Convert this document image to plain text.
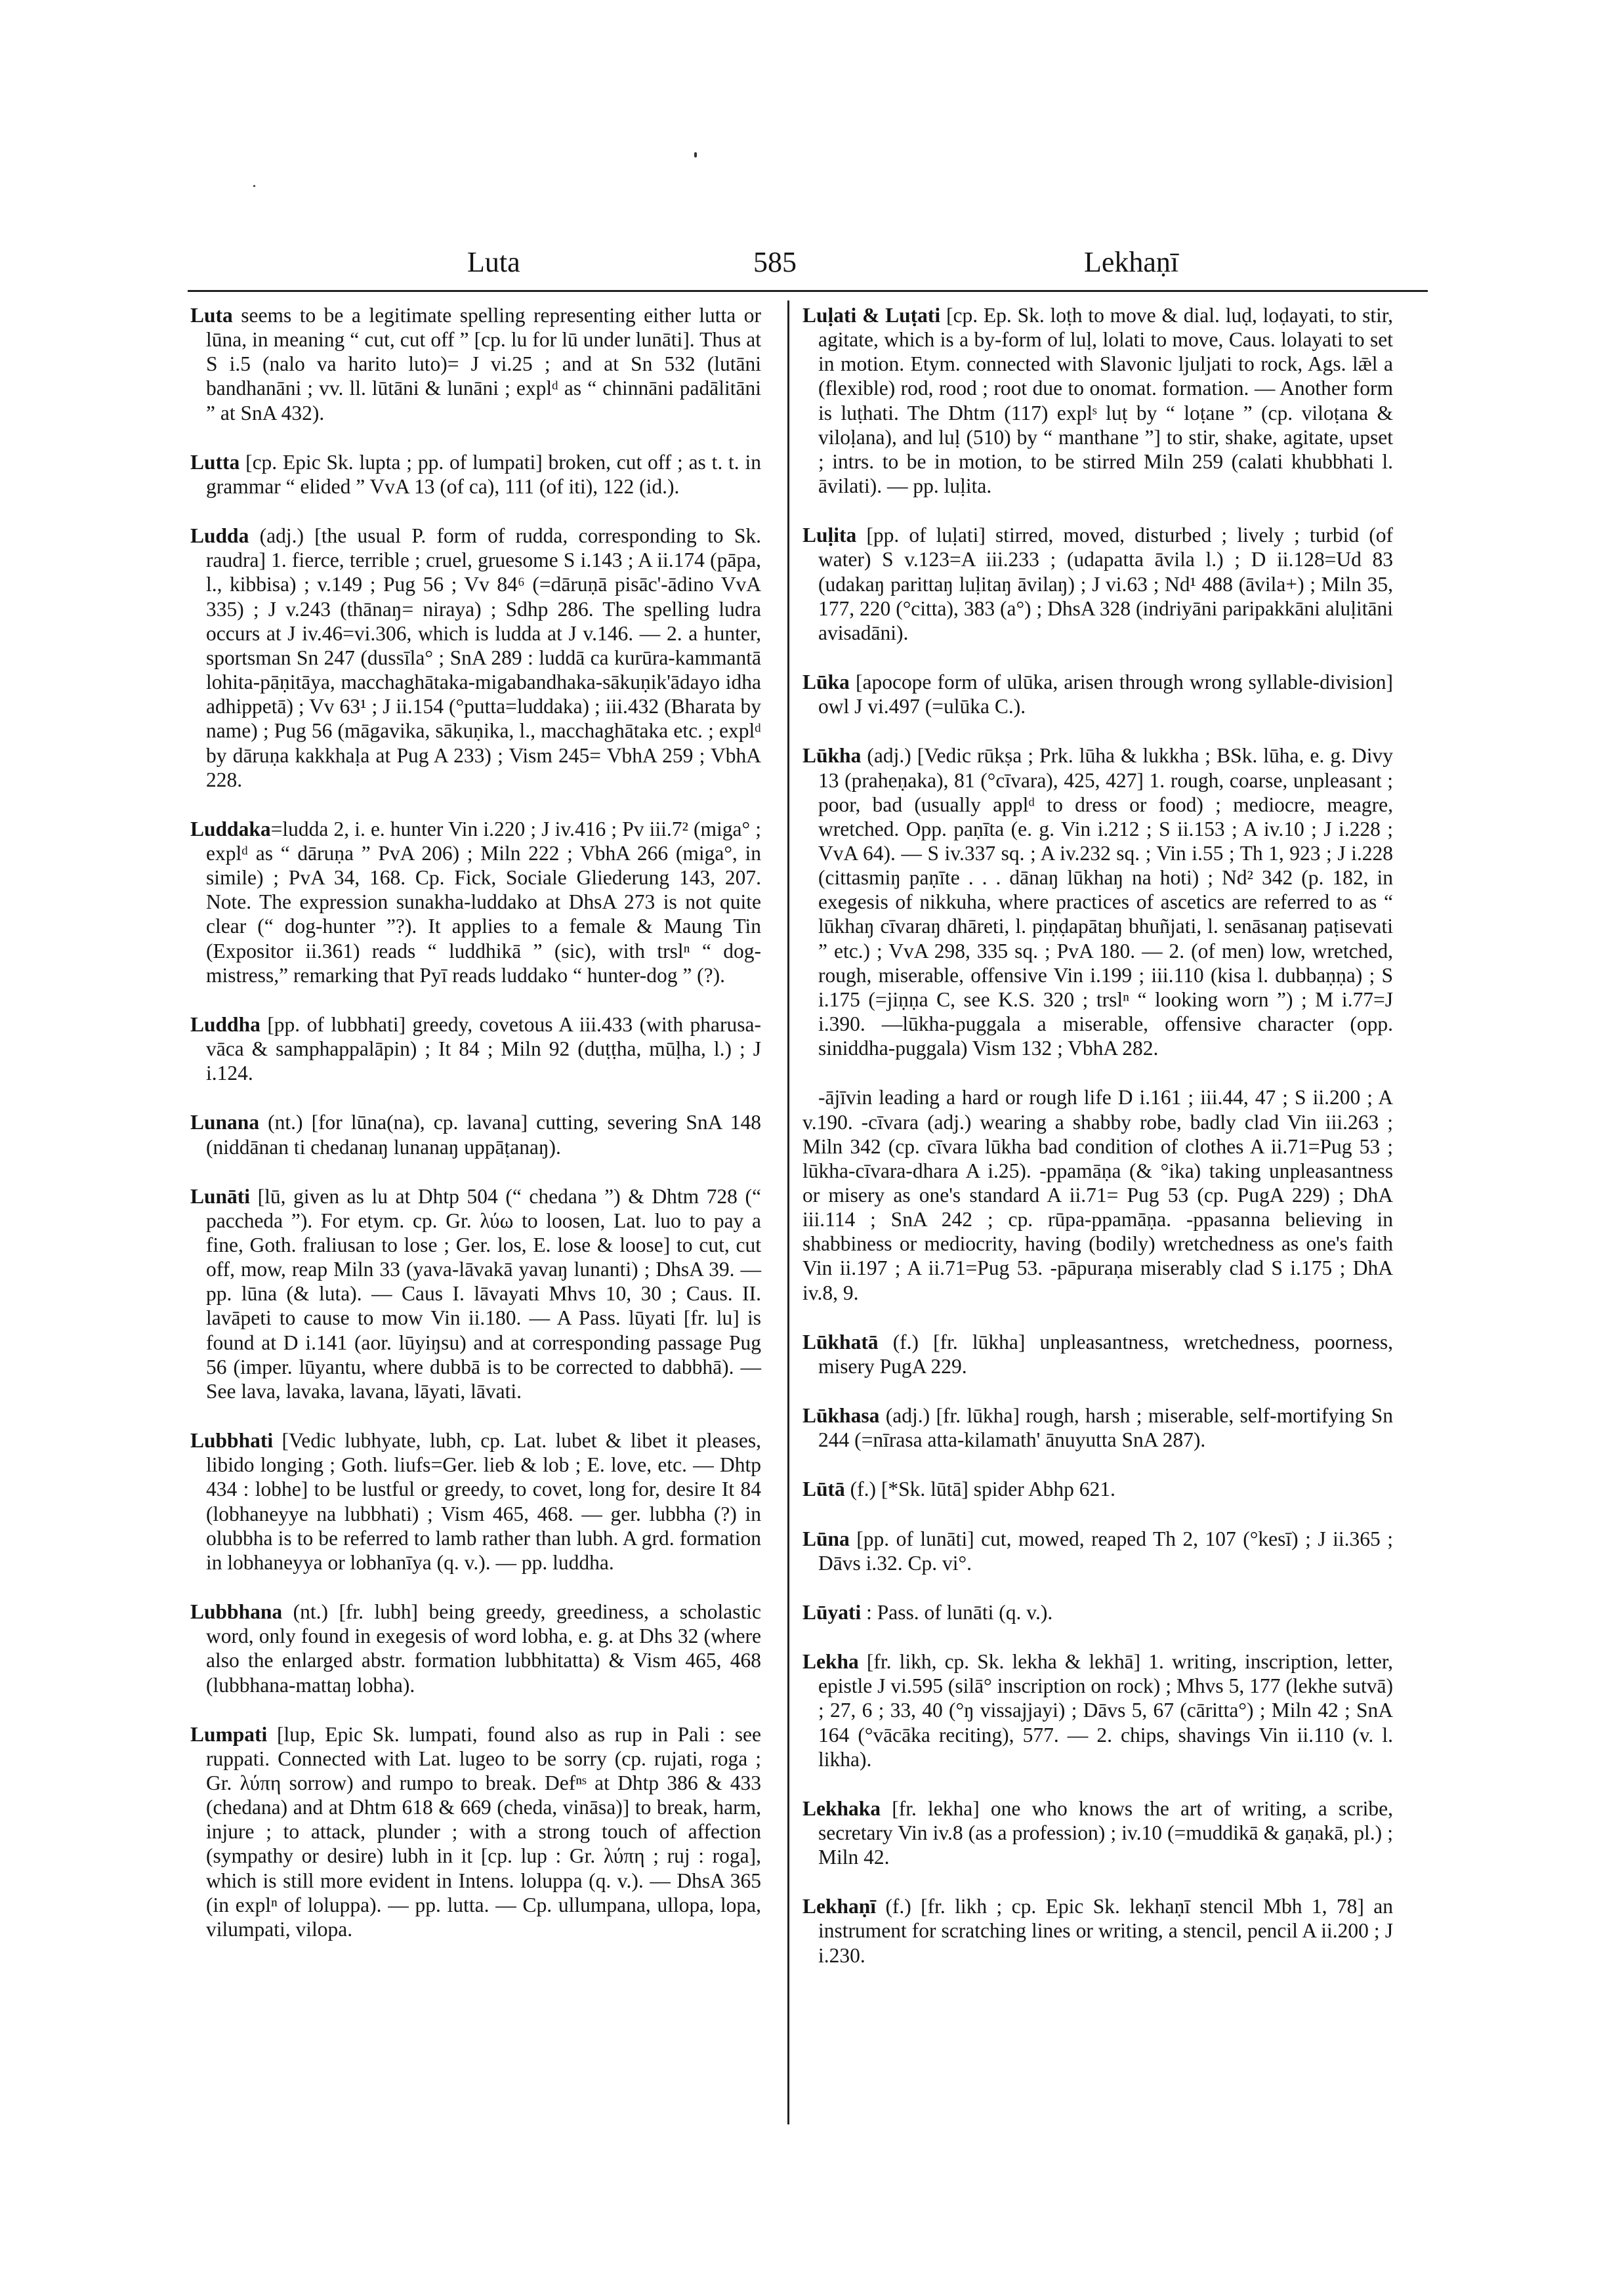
Luta	585	Lekhaṇī

Luta seems to be a legitimate spelling representing either lutta or lūna, in meaning “ cut, cut off ” [cp. lu for lū under lunāti]. Thus at S i.5 (nalo va harito luto)= J vi.25 ; and at Sn 532 (lutāni bandhanāni ; vv. ll. lūtāni & lunāni ; explᵈ as “ chinnāni padālitāni ” at SnA 432).

Lutta [cp. Epic Sk. lupta ; pp. of lumpati] broken, cut off ; as t. t. in grammar “ elided ” VvA 13 (of ca), 111 (of iti), 122 (id.).

Ludda (adj.) [the usual P. form of rudda, corresponding to Sk. raudra] 1. fierce, terrible ; cruel, gruesome S i.143 ; A ii.174 (pāpa, l., kibbisa) ; v.149 ; Pug 56 ; Vv 84⁶ (=dāruṇā pisāc'-ādino VvA 335) ; J v.243 (thānaŋ= niraya) ; Sdhp 286. The spelling ludra occurs at J iv.46=vi.306, which is ludda at J v.146. — 2. a hunter, sportsman Sn 247 (dussīla° ; SnA 289 : luddā ca kurūra-kammantā lohita-pāṇitāya, macchaghātaka-migabandhaka-sākuṇik'ādayo idha adhippetā) ; Vv 63¹ ; J ii.154 (°putta=luddaka) ; iii.432 (Bharata by name) ; Pug 56 (māgavika, sākuṇika, l., macchaghātaka etc. ; explᵈ by dāruṇa kakkhaḷa at Pug A 233) ; Vism 245= VbhA 259 ; VbhA 228.

Luddaka=ludda 2, i. e. hunter Vin i.220 ; J iv.416 ; Pv iii.7² (miga° ; explᵈ as “ dāruṇa ” PvA 206) ; Miln 222 ; VbhA 266 (miga°, in simile) ; PvA 34, 168. Cp. Fick, Sociale Gliederung 143, 207. Note. The expression sunakha-luddako at DhsA 273 is not quite clear (“ dog-hunter ”?). It applies to a female & Maung Tin (Expositor ii.361) reads “ luddhikā ” (sic), with trslⁿ “ dog-mistress,” remarking that Pyī reads luddako “ hunter-dog ” (?).

Luddha [pp. of lubbhati] greedy, covetous A iii.433 (with pharusa-vāca & samphappalāpin) ; It 84 ; Miln 92 (duṭṭha, mūḷha, l.) ; J i.124.

Lunana (nt.) [for lūna(na), cp. lavana] cutting, severing SnA 148 (niddānan ti chedanaŋ lunanaŋ uppāṭanaŋ).

Lunāti [lū, given as lu at Dhtp 504 (“ chedana ”) & Dhtm 728 (“ paccheda ”). For etym. cp. Gr. λύω to loosen, Lat. luo to pay a fine, Goth. fraliusan to lose ; Ger. los, E. lose & loose] to cut, cut off, mow, reap Miln 33 (yava-lāvakā yavaŋ lunanti) ; DhsA 39. — pp. lūna (& luta). — Caus I. lāvayati Mhvs 10, 30 ; Caus. II. lavāpeti to cause to mow Vin ii.180. — A Pass. lūyati [fr. lu] is found at D i.141 (aor. lūyiŋsu) and at corresponding passage Pug 56 (imper. lūyantu, where dubbā is to be corrected to dabbhā). — See lava, lavaka, lavana, lāyati, lāvati.

Lubbhati [Vedic lubhyate, lubh, cp. Lat. lubet & libet it pleases, libido longing ; Goth. liufs=Ger. lieb & lob ; E. love, etc. — Dhtp 434 : lobhe] to be lustful or greedy, to covet, long for, desire It 84 (lobhaneyye na lubbhati) ; Vism 465, 468. — ger. lubbha (?) in olubbha is to be referred to lamb rather than lubh. A grd. formation in lobhaneyya or lobhanīya (q. v.). — pp. luddha.

Lubbhana (nt.) [fr. lubh] being greedy, greediness, a scholastic word, only found in exegesis of word lobha, e. g. at Dhs 32 (where also the enlarged abstr. formation lubbhitatta) & Vism 465, 468 (lubbhana-mattaŋ lobha).

Lumpati [lup, Epic Sk. lumpati, found also as rup in Pali : see ruppati. Connected with Lat. lugeo to be sorry (cp. rujati, roga ; Gr. λύπη sorrow) and rumpo to break. Defⁿˢ at Dhtp 386 & 433 (chedana) and at Dhtm 618 & 669 (cheda, vināsa)] to break, harm, injure ; to attack, plunder ; with a strong touch of affection (sympathy or desire) lubh in it [cp. lup : Gr. λύπη ; ruj : roga], which is still more evident in Intens. loluppa (q. v.). — DhsA 365 (in explⁿ of loluppa). — pp. lutta. — Cp. ullumpana, ullopa, lopa, vilumpati, vilopa.

Luḷati & Luṭati [cp. Ep. Sk. loṭh to move & dial. luḍ, loḍayati, to stir, agitate, which is a by-form of luḷ, lolati to move, Caus. lolayati to set in motion. Etym. connected with Slavonic ljuljati to rock, Ags. lǣl a (flexible) rod, rood ; root due to onomat. formation. — Another form is luṭhati. The Dhtm (117) explˢ luṭ by “ loṭane ” (cp. viloṭana & viloḷana), and luḷ (510) by “ manthane ”] to stir, shake, agitate, upset ; intrs. to be in motion, to be stirred Miln 259 (calati khubbhati l. āvilati). — pp. luḷita.

Luḷita [pp. of luḷati] stirred, moved, disturbed ; lively ; turbid (of water) S v.123=A iii.233 ; (udapatta āvila l.) ; D ii.128=Ud 83 (udakaŋ parittaŋ luḷitaŋ āvilaŋ) ; J vi.63 ; Nd¹ 488 (āvila+) ; Miln 35, 177, 220 (°citta), 383 (a°) ; DhsA 328 (indriyāni paripakkāni aluḷitāni avisadāni).

Lūka [apocope form of ulūka, arisen through wrong syllable-division] owl J vi.497 (=ulūka C.).

Lūkha (adj.) [Vedic rūkṣa ; Prk. lūha & lukkha ; BSk. lūha, e. g. Divy 13 (praheṇaka), 81 (°cīvara), 425, 427] 1. rough, coarse, unpleasant ; poor, bad (usually applᵈ to dress or food) ; mediocre, meagre, wretched. Opp. paṇīta (e. g. Vin i.212 ; S ii.153 ; A iv.10 ; J i.228 ; VvA 64). — S iv.337 sq. ; A iv.232 sq. ; Vin i.55 ; Th 1, 923 ; J i.228 (cittasmiŋ paṇīte . . . dānaŋ lūkhaŋ na hoti) ; Nd² 342 (p. 182, in exegesis of nikkuha, where practices of ascetics are referred to as “ lūkhaŋ cīvaraŋ dhāreti, l. piṇḍapātaŋ bhuñjati, l. senāsanaŋ paṭisevati ” etc.) ; VvA 298, 335 sq. ; PvA 180. — 2. (of men) low, wretched, rough, miserable, offensive Vin i.199 ; iii.110 (kisa l. dubbaṇṇa) ; S i.175 (=jiṇṇa C, see K.S. 320 ; trslⁿ “ looking worn ”) ; M i.77=J i.390. —lūkha-puggala a miserable, offensive character (opp. siniddha-puggala) Vism 132 ; VbhA 282.

-ājīvin leading a hard or rough life D i.161 ; iii.44, 47 ; S ii.200 ; A v.190. -cīvara (adj.) wearing a shabby robe, badly clad Vin iii.263 ; Miln 342 (cp. cīvara lūkha bad condition of clothes A ii.71=Pug 53 ; lūkha-cīvara-dhara A i.25). -ppamāṇa (& °ika) taking unpleasantness or misery as one's standard A ii.71= Pug 53 (cp. PugA 229) ; DhA iii.114 ; SnA 242 ; cp. rūpa-ppamāṇa. -ppasanna believing in shabbiness or mediocrity, having (bodily) wretchedness as one's faith Vin ii.197 ; A ii.71=Pug 53. -pāpuraṇa miserably clad S i.175 ; DhA iv.8, 9.

Lūkhatā (f.) [fr. lūkha] unpleasantness, wretchedness, poorness, misery PugA 229.

Lūkhasa (adj.) [fr. lūkha] rough, harsh ; miserable, self-mortifying Sn 244 (=nīrasa atta-kilamath' ānuyutta SnA 287).

Lūtā (f.) [*Sk. lūtā] spider Abhp 621.

Lūna [pp. of lunāti] cut, mowed, reaped Th 2, 107 (°kesī) ; J ii.365 ; Dāvs i.32. Cp. vi°.

Lūyati : Pass. of lunāti (q. v.).

Lekha [fr. likh, cp. Sk. lekha & lekhā] 1. writing, inscription, letter, epistle J vi.595 (silā° inscription on rock) ; Mhvs 5, 177 (lekhe sutvā) ; 27, 6 ; 33, 40 (°ŋ vissajjayi) ; Dāvs 5, 67 (cāritta°) ; Miln 42 ; SnA 164 (°vācāka reciting), 577. — 2. chips, shavings Vin ii.110 (v. l. likha).

Lekhaka [fr. lekha] one who knows the art of writing, a scribe, secretary Vin iv.8 (as a profession) ; iv.10 (=muddikā & gaṇakā, pl.) ; Miln 42.

Lekhaṇī (f.) [fr. likh ; cp. Epic Sk. lekhaṇī stencil Mbh 1, 78] an instrument for scratching lines or writing, a stencil, pencil A ii.200 ; J i.230.
